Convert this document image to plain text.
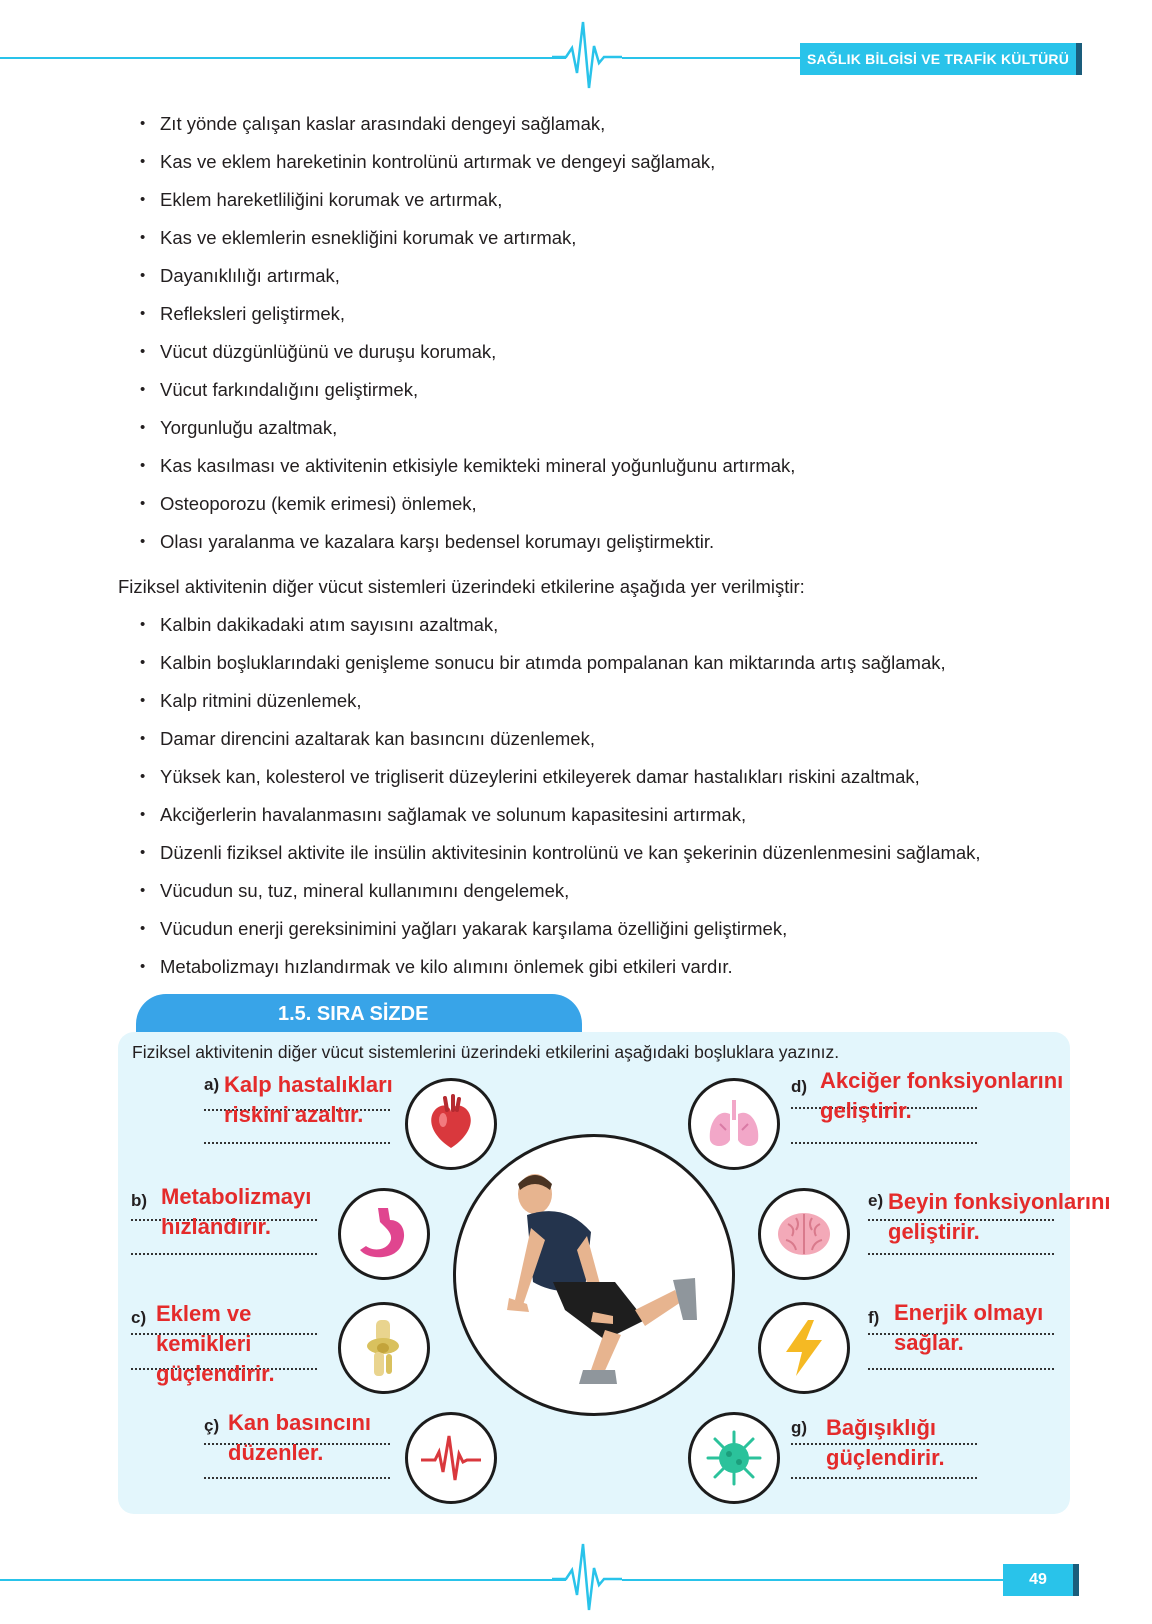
SAĞLIK BİLGİSİ VE TRAFİK KÜLTÜRÜ
• Zıt yönde çalışan kaslar arasındaki dengeyi sağlamak,
• Kas ve eklem hareketinin kontrolünü artırmak ve dengeyi sağlamak,
• Eklem hareketliliğini korumak ve artırmak,
• Kas ve eklemlerin esnekliğini korumak ve artırmak,
• Dayanıklılığı artırmak,
• Refleksleri geliştirmek,
• Vücut düzgünlüğünü ve duruşu korumak,
• Vücut farkındalığını geliştirmek,
• Yorgunluğu azaltmak,
• Kas kasılması ve aktivitenin etkisiyle kemikteki mineral yoğunluğunu artırmak,
• Osteoporozu (kemik erimesi) önlemek,
• Olası yaralanma ve kazalara karşı bedensel korumayı geliştirmektir.
Fiziksel aktivitenin diğer vücut sistemleri üzerindeki etkilerine aşağıda yer verilmiştir:
• Kalbin dakikadaki atım sayısını azaltmak,
• Kalbin boşluklarındaki genişleme sonucu bir atımda pompalanan kan miktarında artış sağlamak,
• Kalp ritmini düzenlemek,
• Damar direncini azaltarak kan basıncını düzenlemek,
• Yüksek kan, kolesterol ve trigliserit düzeylerini etkileyerek damar hastalıkları riskini azaltmak,
• Akciğerlerin havalanmasını sağlamak ve solunum kapasitesini artırmak,
• Düzenli fiziksel aktivite ile insülin aktivitesinin kontrolünü ve kan şekerinin düzenlenmesini sağlamak,
• Vücudun su, tuz, mineral kullanımını dengelemek,
• Vücudun enerji gereksinimini yağları yakarak karşılama özelliğini geliştirmek,
• Metabolizmayı hızlandırmak ve kilo alımını önlemek gibi etkileri vardır.
1.5. SIRA SİZDE
Fiziksel aktivitenin diğer vücut sistemlerini üzerindeki etkilerini aşağıdaki boşluklara yazınız.
a) Kalp hastalıkları
riskini azaltır.
b) Metabolizmayı
hızlandırır.
c) Eklem ve
kemikleri
güçlendirir.
ç) Kan basıncını
düzenler.
d) Akciğer fonksiyonlarını
geliştirir.
e) Beyin fonksiyonlarını
geliştirir.
f) Enerjik olmayı
sağlar.
g) Bağışıklığı
güçlendirir.
49
